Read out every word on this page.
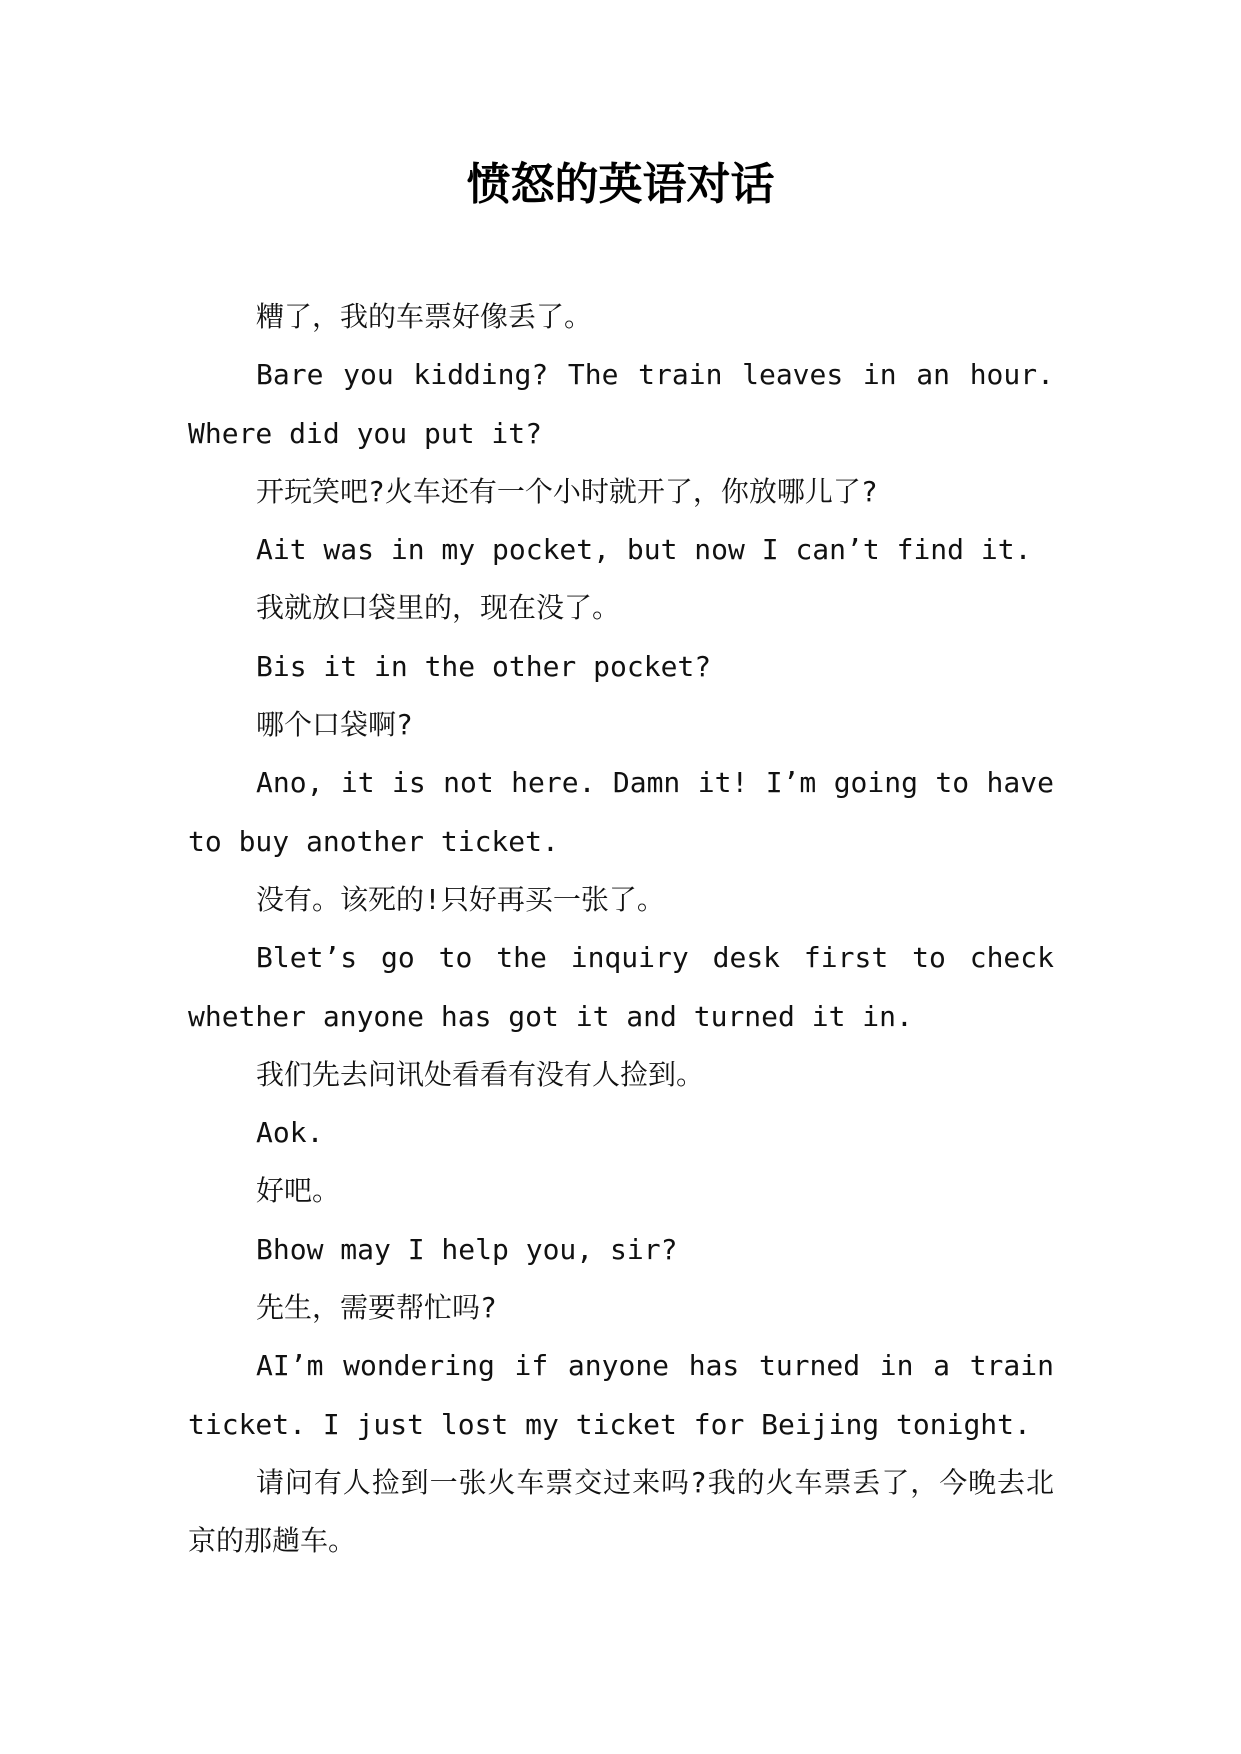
愤怒的英语对话

糟了，我的车票好像丢了。

Bare you kidding? The train leaves in an hour. Where did you put it?

开玩笑吧?火车还有一个小时就开了，你放哪儿了?

Ait was in my pocket, but now I can’t find it.

我就放口袋里的，现在没了。

Bis it in the other pocket?

哪个口袋啊?

Ano, it is not here. Damn it! I’m going to have to buy another ticket.

没有。该死的!只好再买一张了。

Blet’s go to the inquiry desk first to check whether anyone has got it and turned it in.

我们先去问讯处看看有没有人捡到。

Aok.

好吧。

Bhow may I help you, sir?

先生，需要帮忙吗?

AI’m wondering if anyone has turned in a train ticket. I just lost my ticket for Beijing tonight.

请问有人捡到一张火车票交过来吗?我的火车票丢了，今晚去北京的那趟车。
